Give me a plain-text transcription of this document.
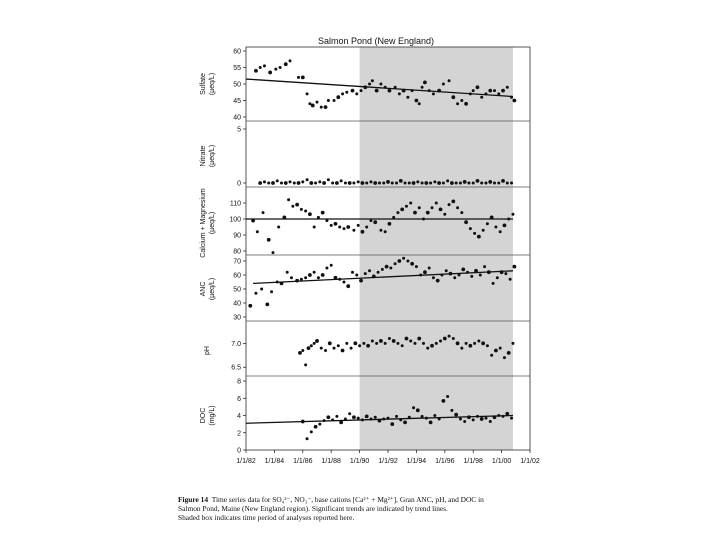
Salmon Pond (New England)
40
45
50
55
60
Sulfate (µeq/L)
0
5
Nitrate (µeq/L)
80
90
100
110
Calcium + Magnesium (µeq/L)
30
40
50
60
70
ANC (µeq/L)
6.5
7.0
pH
0
2
4
6
8
DOC (mg/L)
1/1/82 1/1/84 1/1/86 1/1/88 1/1/90 1/1/92 1/1/94 1/1/96 1/1/98 1/1/00 1/1/02
Figure 14 Time series data for SO₄²⁻, NO₃⁻, base cations [Ca²⁺ + Mg²⁺], Gran ANC, pH, and DOC in
Salmon Pond, Maine (New England region). Significant trends are indicated by trend lines.
Shaded box indicates time period of analyses reported here.
